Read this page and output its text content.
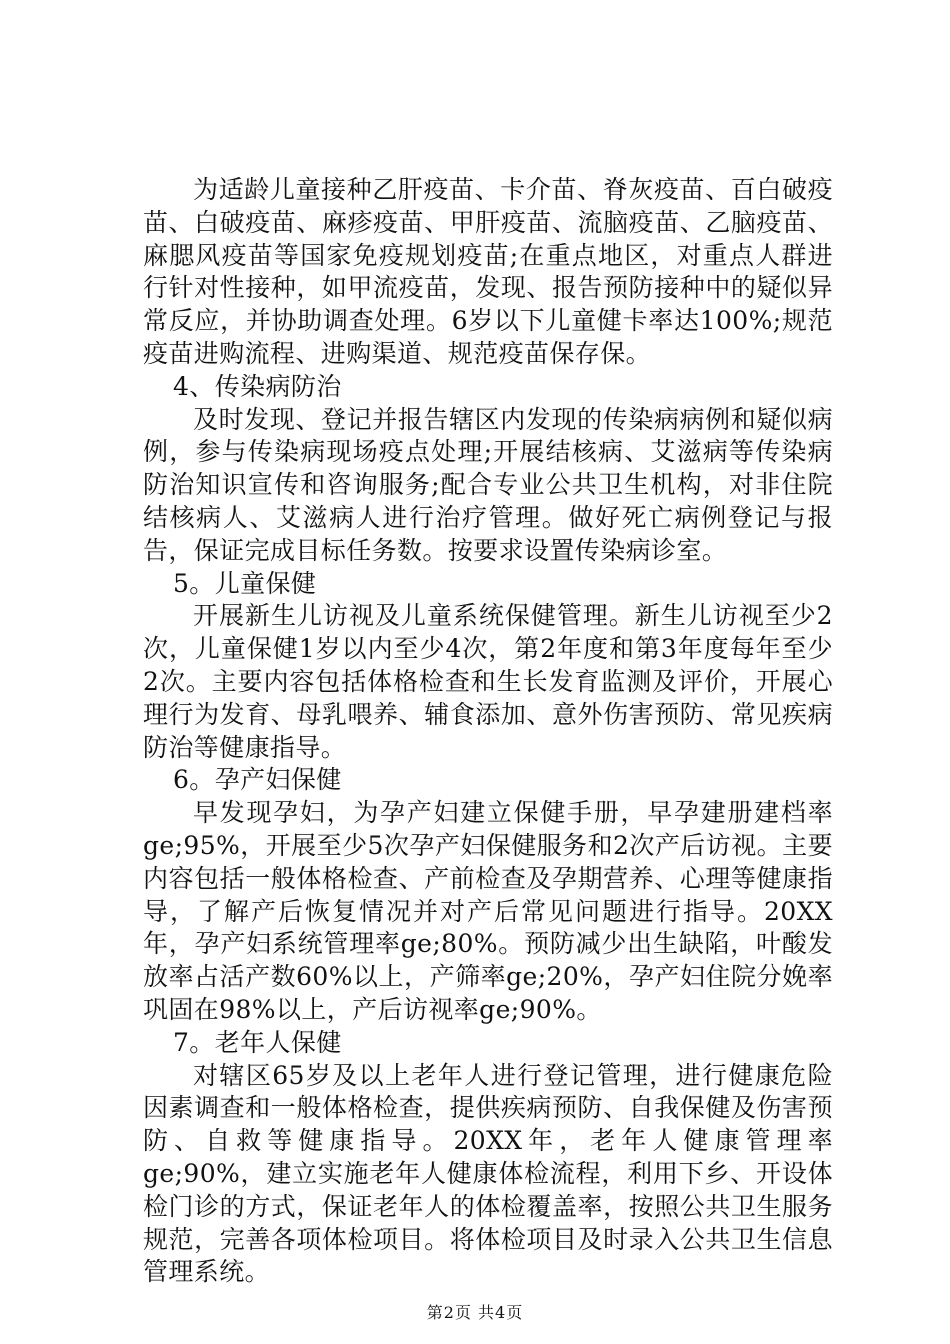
为适龄儿童接种乙肝疫苗、卡介苗、脊灰疫苗、百白破疫苗、白破疫苗、麻疹疫苗、甲肝疫苗、流脑疫苗、乙脑疫苗、麻腮风疫苗等国家免疫规划疫苗;在重点地区，对重点人群进行针对性接种，如甲流疫苗，发现、报告预防接种中的疑似异常反应，并协助调查处理。6岁以下儿童健卡率达100%;规范疫苗进购流程、进购渠道、规范疫苗保存保。

4、传染病防治

及时发现、登记并报告辖区内发现的传染病病例和疑似病例，参与传染病现场疫点处理;开展结核病、艾滋病等传染病防治知识宣传和咨询服务;配合专业公共卫生机构，对非住院结核病人、艾滋病人进行治疗管理。做好死亡病例登记与报告，保证完成目标任务数。按要求设置传染病诊室。

5。儿童保健

开展新生儿访视及儿童系统保健管理。新生儿访视至少2次，儿童保健1岁以内至少4次，第2年度和第3年度每年至少2次。主要内容包括体格检查和生长发育监测及评价，开展心理行为发育、母乳喂养、辅食添加、意外伤害预防、常见疾病防治等健康指导。

6。孕产妇保健

早发现孕妇，为孕产妇建立保健手册，早孕建册建档率ge;95%，开展至少5次孕产妇保健服务和2次产后访视。主要内容包括一般体格检查、产前检查及孕期营养、心理等健康指导，了解产后恢复情况并对产后常见问题进行指导。20XX年，孕产妇系统管理率ge;80%。预防减少出生缺陷，叶酸发放率占活产数60%以上，产筛率ge;20%，孕产妇住院分娩率巩固在98%以上，产后访视率ge;90%。

7。老年人保健

对辖区65岁及以上老年人进行登记管理，进行健康危险因素调查和一般体格检查，提供疾病预防、自我保健及伤害预防、自救等健康指导。20XX年，老年人健康管理率ge;90%，建立实施老年人健康体检流程，利用下乡、开设体检门诊的方式，保证老年人的体检覆盖率，按照公共卫生服务规范，完善各项体检项目。将体检项目及时录入公共卫生信息管理系统。

第2页 共4页
